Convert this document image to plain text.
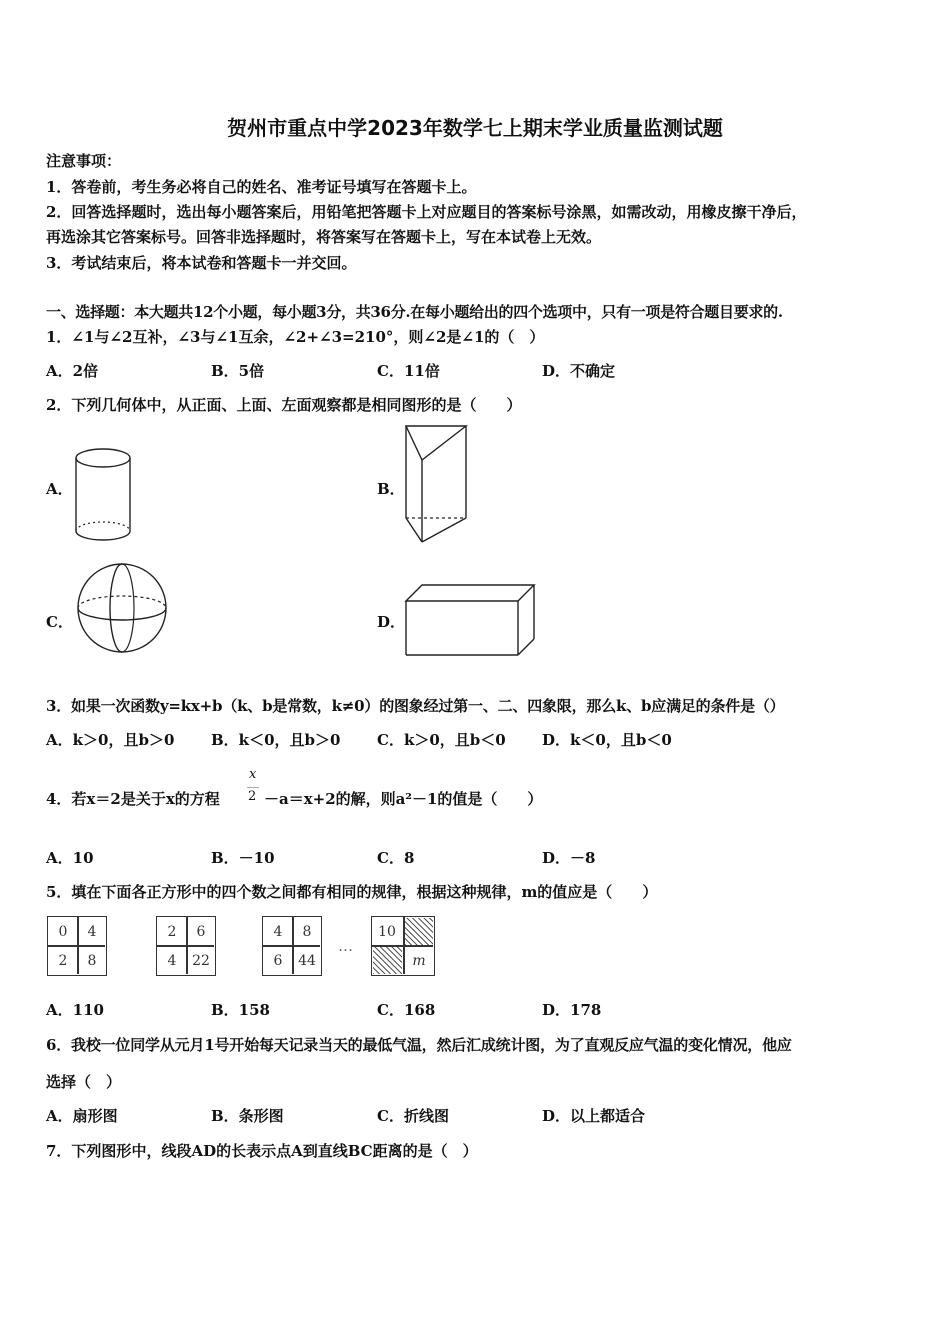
贺州市重点中学2023年数学七上期末学业质量监测试题
注意事项：
1．答卷前，考生务必将自己的姓名、准考证号填写在答题卡上。
2．回答选择题时，选出每小题答案后，用铅笔把答题卡上对应题目的答案标号涂黑，如需改动，用橡皮擦干净后，
再选涂其它答案标号。回答非选择题时，将答案写在答题卡上，写在本试卷上无效。
3．考试结束后，将本试卷和答题卡一并交回。
一、选择题：本大题共12个小题，每小题3分，共36分.在每小题给出的四个选项中，只有一项是符合题目要求的.
1．∠1与∠2互补，∠3与∠1互余，∠2+∠3=210°，则∠2是∠1的（　）
A．2倍	B．5倍	C．11倍	D．不确定
2．下列几何体中，从正面、上面、左面观察都是相同图形的是（　　）
A．	B．
C．	D．
3．如果一次函数y=kx+b（k、b是常数，k≠0）的图象经过第一、二、四象限，那么k、b应满足的条件是（）
A．k＞0，且b＞0 B．k＜0，且b＞0 C．k＞0，且b＜0 D．k＜0，且b＜0
4．若x＝2是关于x的方程
x
2 －a＝x+2的解，则a²－1的值是（　　）
A．10	B．－10	C．8	D．－8
5．填在下面各正方形中的四个数之间都有相同的规律，根据这种规律，m的值应是（　　）
0	4
2	8
2	6
4	22
4	8
6	44
…
10
m
A．110	B．158	C．168	D．178
6．我校一位同学从元月1号开始每天记录当天的最低气温，然后汇成统计图，为了直观反应气温的变化情况，他应
选择（　）
A．扇形图	B．条形图	C．折线图	D．以上都适合
7．下列图形中，线段AD的长表示点A到直线BC距离的是（　）
